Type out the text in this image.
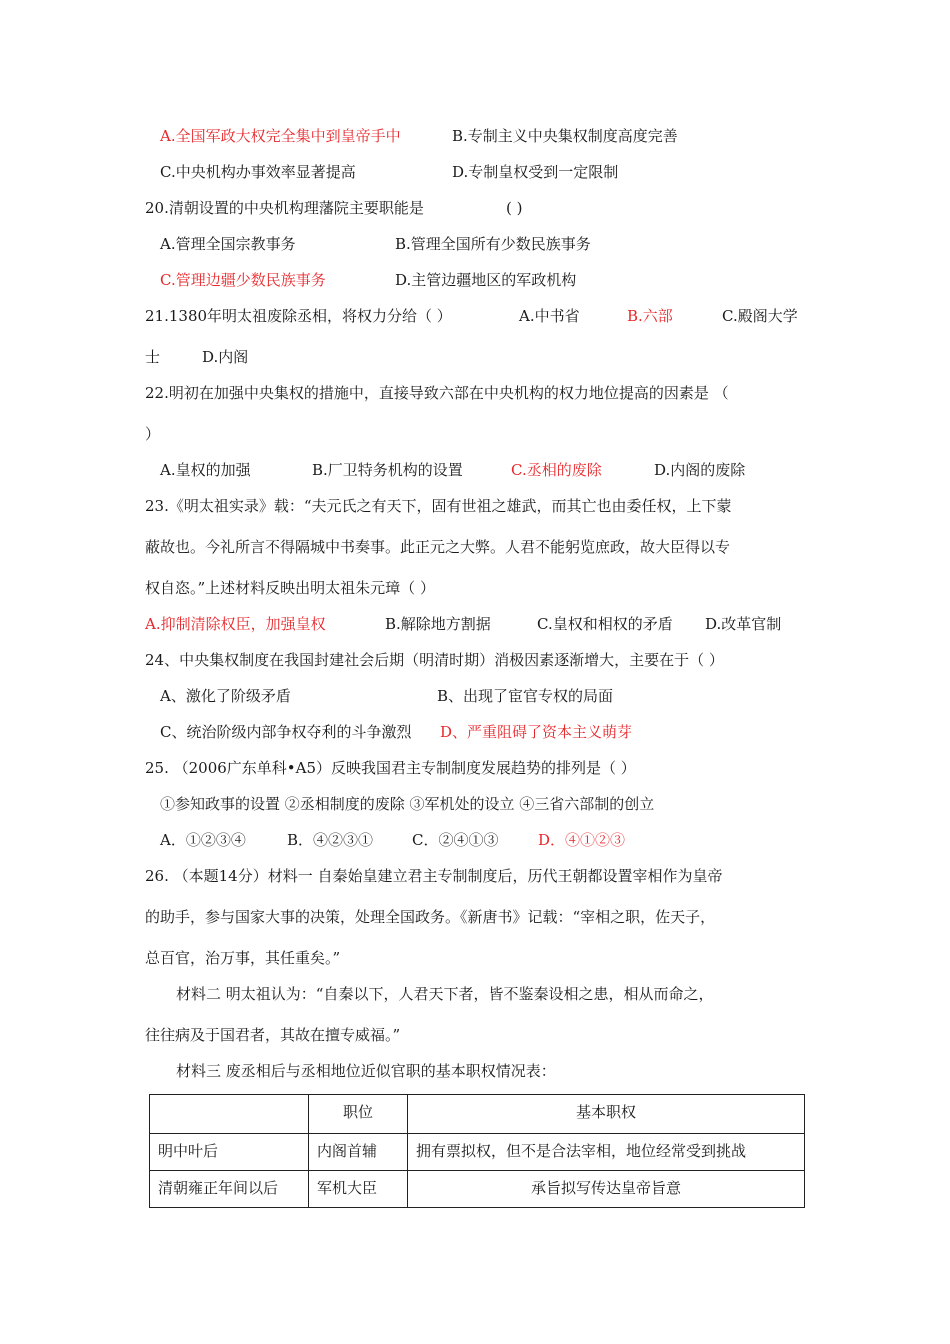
A.全国军政大权完全集中到皇帝手中	B.专制主义中央集权制度高度完善
C.中央机构办事效率显著提高	D.专制皇权受到一定限制
20.清朝设置的中央机构理藩院主要职能是	( )
A.管理全国宗教事务	B.管理全国所有少数民族事务
C.管理边疆少数民族事务	D.主管边疆地区的军政机构
21.1380年明太祖废除丞相，将权力分给（ ）	A.中书省	B.六部	C.殿阁大学
士	D.内阁
22.明初在加强中央集权的措施中，直接导致六部在中央机构的权力地位提高的因素是 （
）
A.皇权的加强	B.厂卫特务机构的设置	C.丞相的废除	D.内阁的废除
23.《明太祖实录》载：“夫元氏之有天下，固有世祖之雄武，而其亡也由委任权，上下蒙
蔽故也。今礼所言不得隔城中书奏事。此正元之大弊。人君不能躬览庶政，故大臣得以专
权自恣。”上述材料反映出明太祖朱元璋（ ）
A.抑制清除权臣，加强皇权	B.解除地方割据	C.皇权和相权的矛盾 D.改革官制
24、中央集权制度在我国封建社会后期（明清时期）消极因素逐渐增大，主要在于（ ）
A、激化了阶级矛盾	B、出现了宦官专权的局面
C、统治阶级内部争权夺利的斗争激烈 D、严重阻碍了资本主义萌芽
25. （2006广东单科•A5）反映我国君主专制制度发展趋势的排列是（ ）
①参知政事的设置 ②丞相制度的废除 ③军机处的设立 ④三省六部制的创立
A．①②③④	B．④②③①	C．②④①③	D．④①②③
26. （本题14分）材料一 自秦始皇建立君主专制制度后，历代王朝都设置宰相作为皇帝
的助手，参与国家大事的决策，处理全国政务。《新唐书》记载：“宰相之职，佐天子，
总百官，治万事，其任重矣。”
材料二 明太祖认为：“自秦以下，人君天下者，皆不鉴秦设相之患，相从而命之，
往往病及于国君者，其故在擅专威福。”
材料三 废丞相后与丞相地位近似官职的基本职权情况表：
	职位	基本职权
明中叶后	内阁首辅	拥有票拟权，但不是合法宰相，地位经常受到挑战
清朝雍正年间以后	军机大臣	承旨拟写传达皇帝旨意
